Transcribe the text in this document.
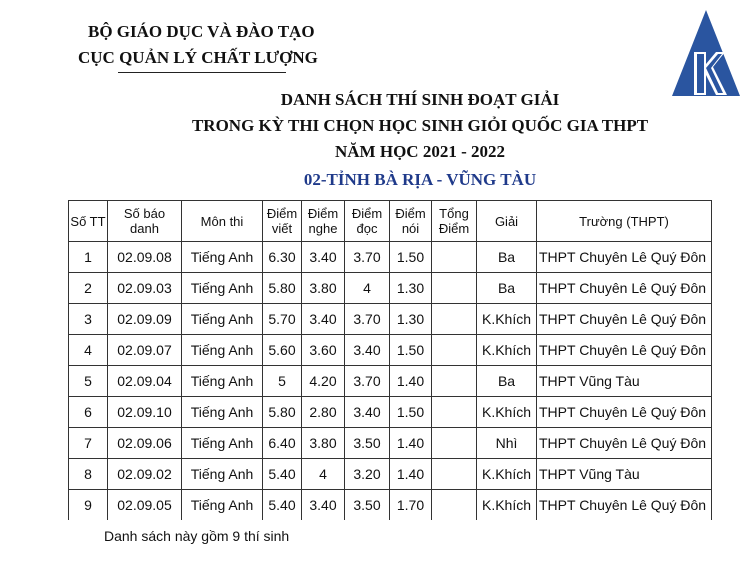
BỘ GIÁO DỤC VÀ ĐÀO TẠO
CỤC QUẢN LÝ CHẤT LƯỢNG
DANH SÁCH THÍ SINH ĐOẠT GIẢI
TRONG KỲ THI CHỌN HỌC SINH GIỎI QUỐC GIA THPT
NĂM HỌC 2021 - 2022
02-TỈNH BÀ RỊA - VŨNG TÀU
Số TT	Số báo danh	Môn thi	Điểm viết	Điểm nghe	Điểm đọc	Điểm nói	Tổng Điểm	Giải	Trường (THPT)
1	02.09.08	Tiếng Anh	6.30	3.40	3.70	1.50		Ba	THPT Chuyên Lê Quý Đôn
2	02.09.03	Tiếng Anh	5.80	3.80	4	1.30		Ba	THPT Chuyên Lê Quý Đôn
3	02.09.09	Tiếng Anh	5.70	3.40	3.70	1.30		K.Khích	THPT Chuyên Lê Quý Đôn
4	02.09.07	Tiếng Anh	5.60	3.60	3.40	1.50		K.Khích	THPT Chuyên Lê Quý Đôn
5	02.09.04	Tiếng Anh	5	4.20	3.70	1.40		Ba	THPT Vũng Tàu
6	02.09.10	Tiếng Anh	5.80	2.80	3.40	1.50		K.Khích	THPT Chuyên Lê Quý Đôn
7	02.09.06	Tiếng Anh	6.40	3.80	3.50	1.40		Nhì	THPT Chuyên Lê Quý Đôn
8	02.09.02	Tiếng Anh	5.40	4	3.20	1.40		K.Khích	THPT Vũng Tàu
9	02.09.05	Tiếng Anh	5.40	3.40	3.50	1.70		K.Khích	THPT Chuyên Lê Quý Đôn
Danh sách này gồm 9 thí sinh
